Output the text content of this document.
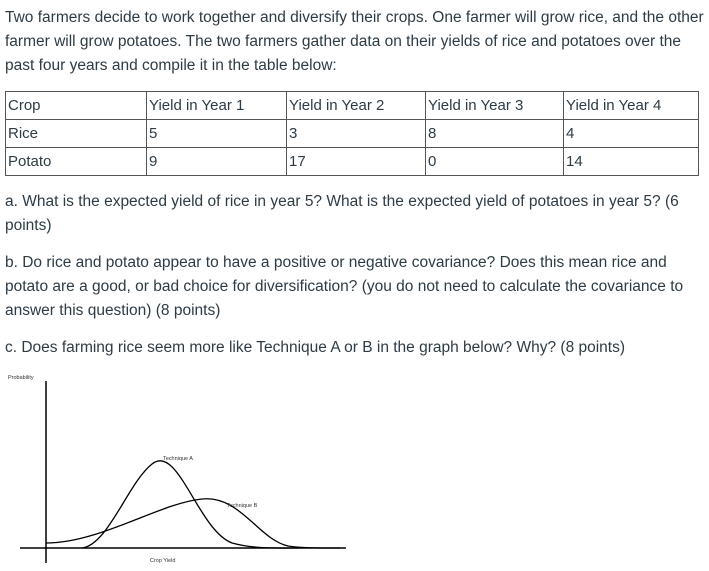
Two farmers decide to work together and diversify their crops. One farmer will grow rice, and the other farmer will grow potatoes. The two farmers gather data on their yields of rice and potatoes over the past four years and compile it in the table below:

Crop	Yield in Year 1	Yield in Year 2	Yield in Year 3	Yield in Year 4
Rice	5	3	8	4
Potato	9	17	0	14

a. What is the expected yield of rice in year 5? What is the expected yield of potatoes in year 5? (6 points)

b. Do rice and potato appear to have a positive or negative covariance? Does this mean rice and potato are a good, or bad choice for diversification? (you do not need to calculate the covariance to answer this question) (8 points)

c. Does farming rice seem more like Technique A or B in the graph below? Why? (8 points)

Probability
Technique A
Technique B
Crop Yield
